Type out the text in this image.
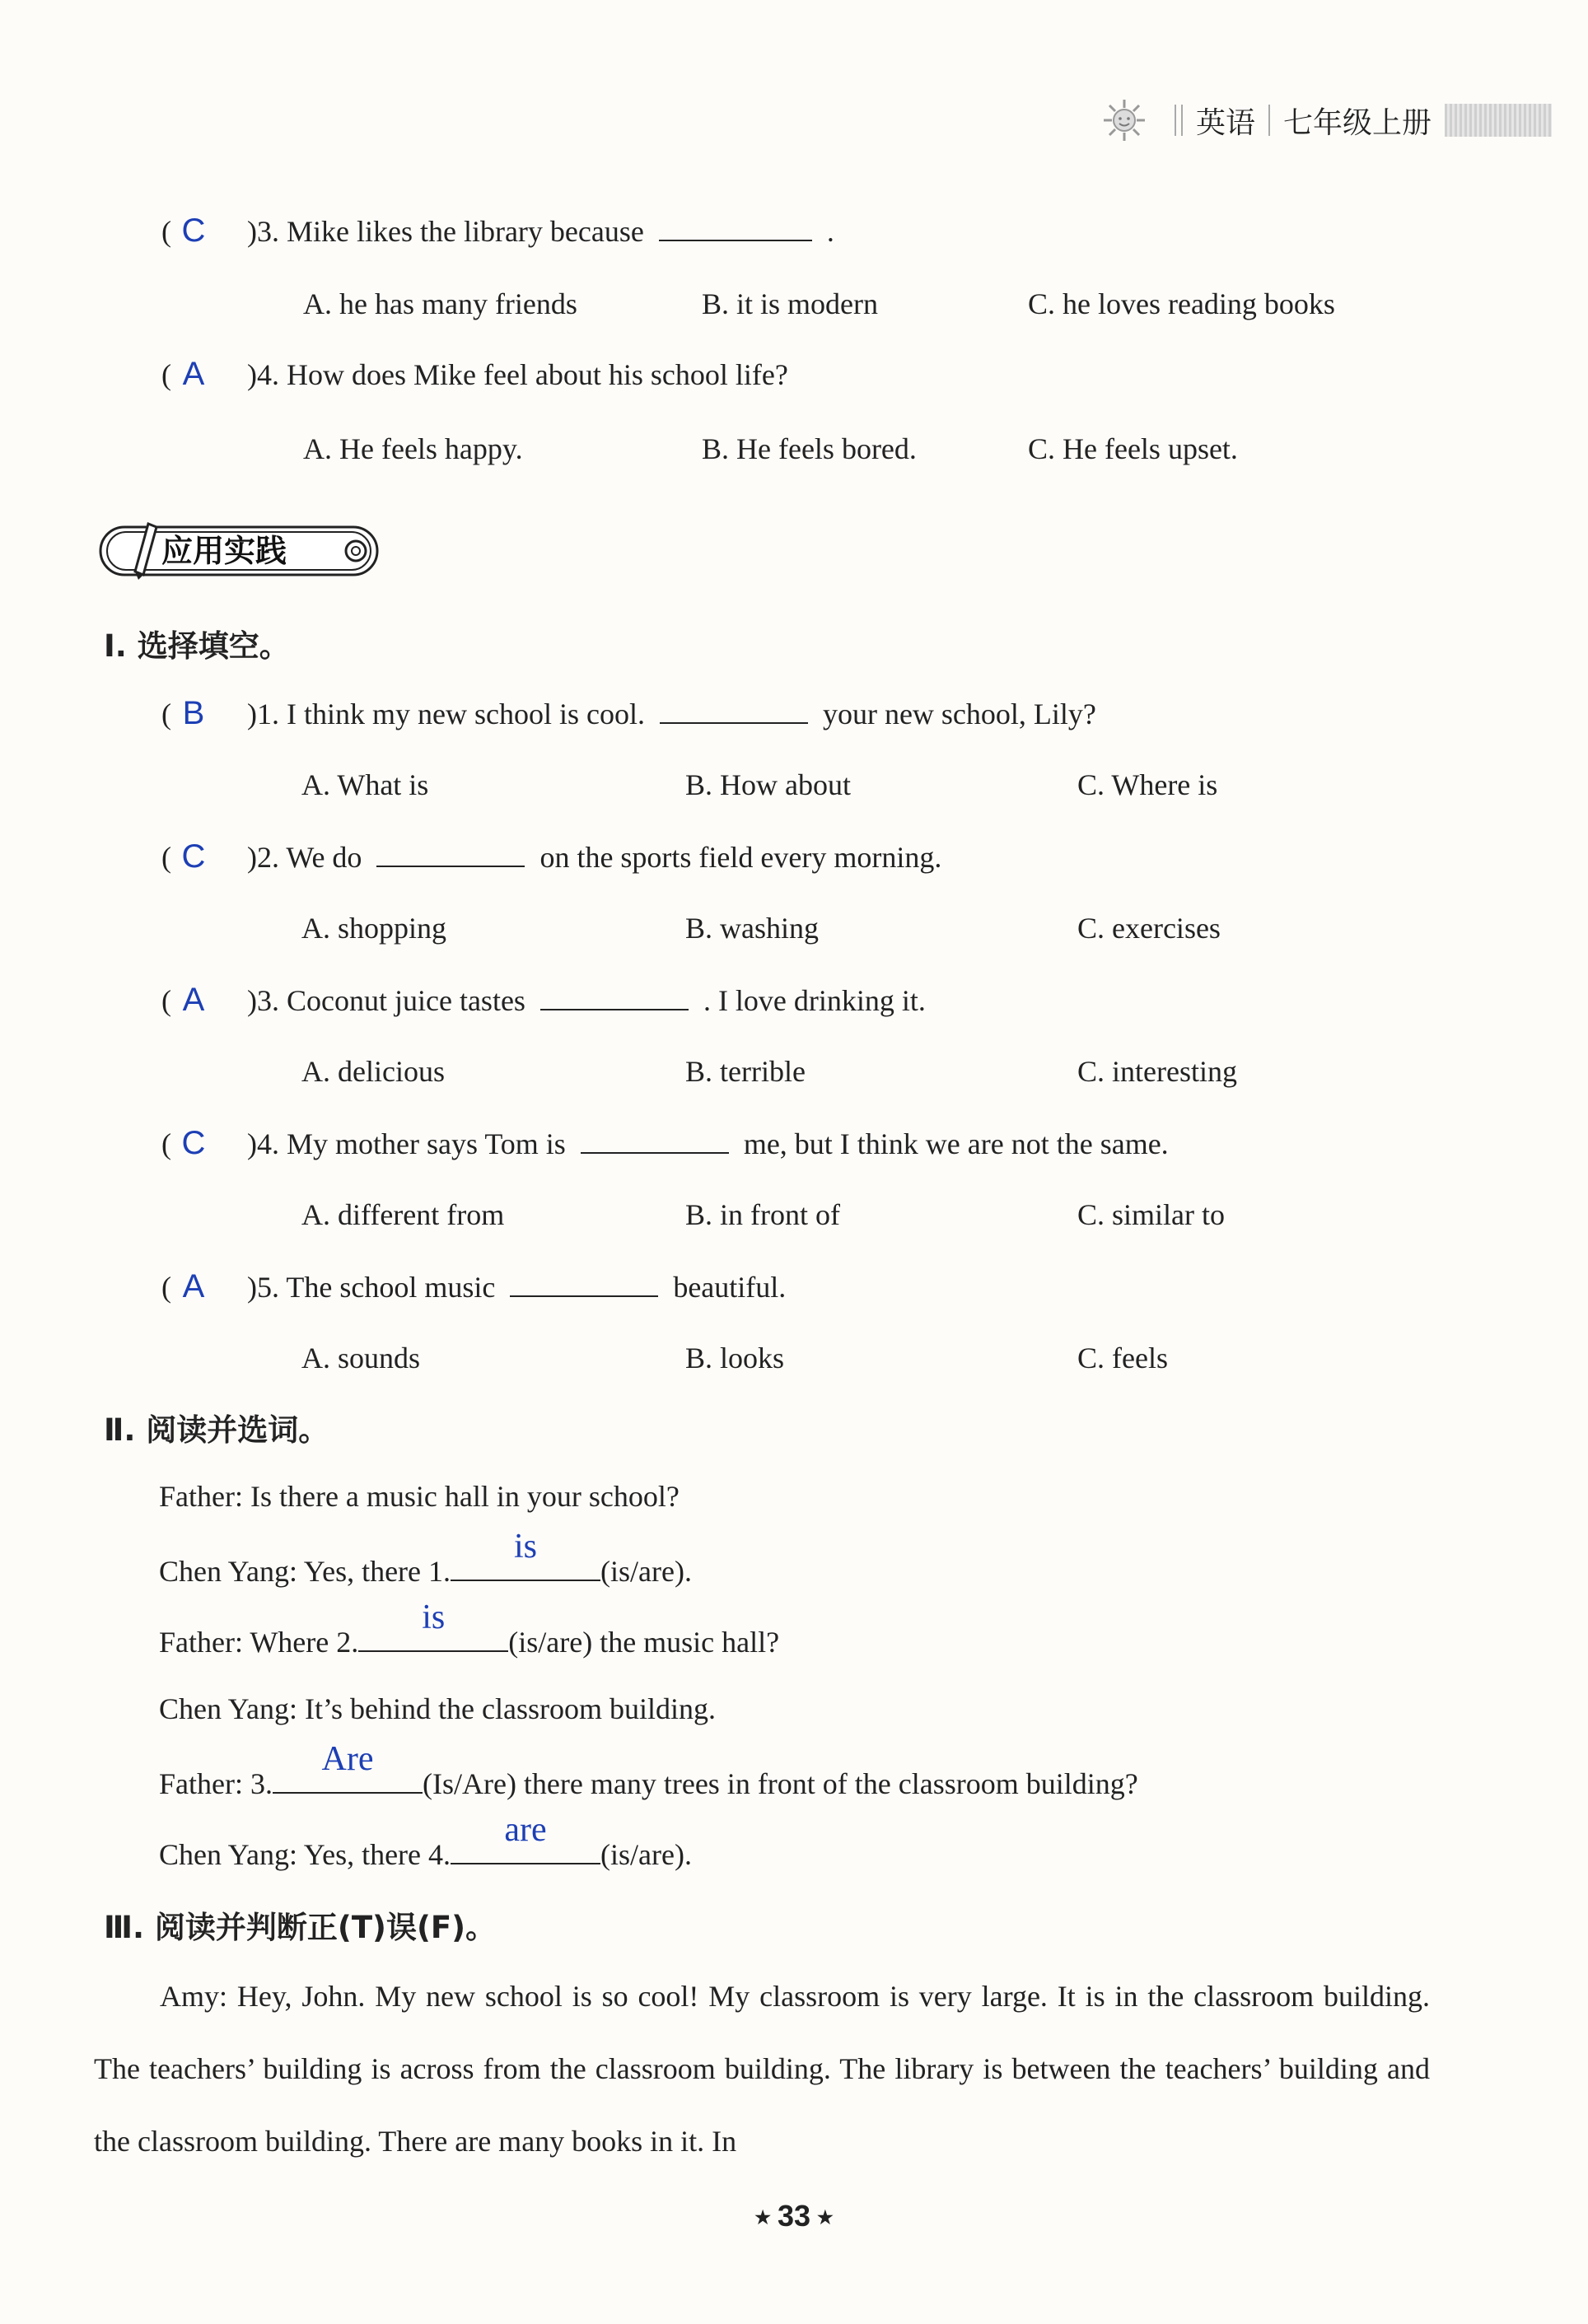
英语 七年级上册
( C )3. Mike likes the library because	.
A. he has many friends	B. it is modern	C. he loves reading books
( A )4. How does Mike feel about his school life?
A. He feels happy.	B. He feels bored.	C. He feels upset.
应用实践
Ⅰ. 选择填空。
( B )1. I think my new school is cool.	your new school, Lily?
A. What is	B. How about	C. Where is
( C )2. We do	on the sports field every morning.
A. shopping	B. washing	C. exercises
( A )3. Coconut juice tastes	. I love drinking it.
A. delicious	B. terrible	C. interesting
( C )4. My mother says Tom is	me, but I think we are not the same.
A. different from	B. in front of	C. similar to
( A )5. The school music	beautiful.
A. sounds	B. looks	C. feels
Ⅱ. 阅读并选词。
Father: Is there a music hall in your school?
Chen Yang: Yes, there 1.
is
(is/are).
Father: Where 2.
is
(is/are) the music hall?
Chen Yang: It’s behind the classroom building.
Father: 3.
Are
(Is/Are) there many trees in front of the classroom building?
Chen Yang: Yes, there 4.
are
(is/are).
Ⅲ. 阅读并判断正(T)误(F)。
Amy: Hey, John. My new school is so cool! My classroom is very large. It is in the classroom building. The teachers’ building is across from the classroom building. The library is between the teachers’ building and the classroom building. There are many books in it. In
★ 33 ★
